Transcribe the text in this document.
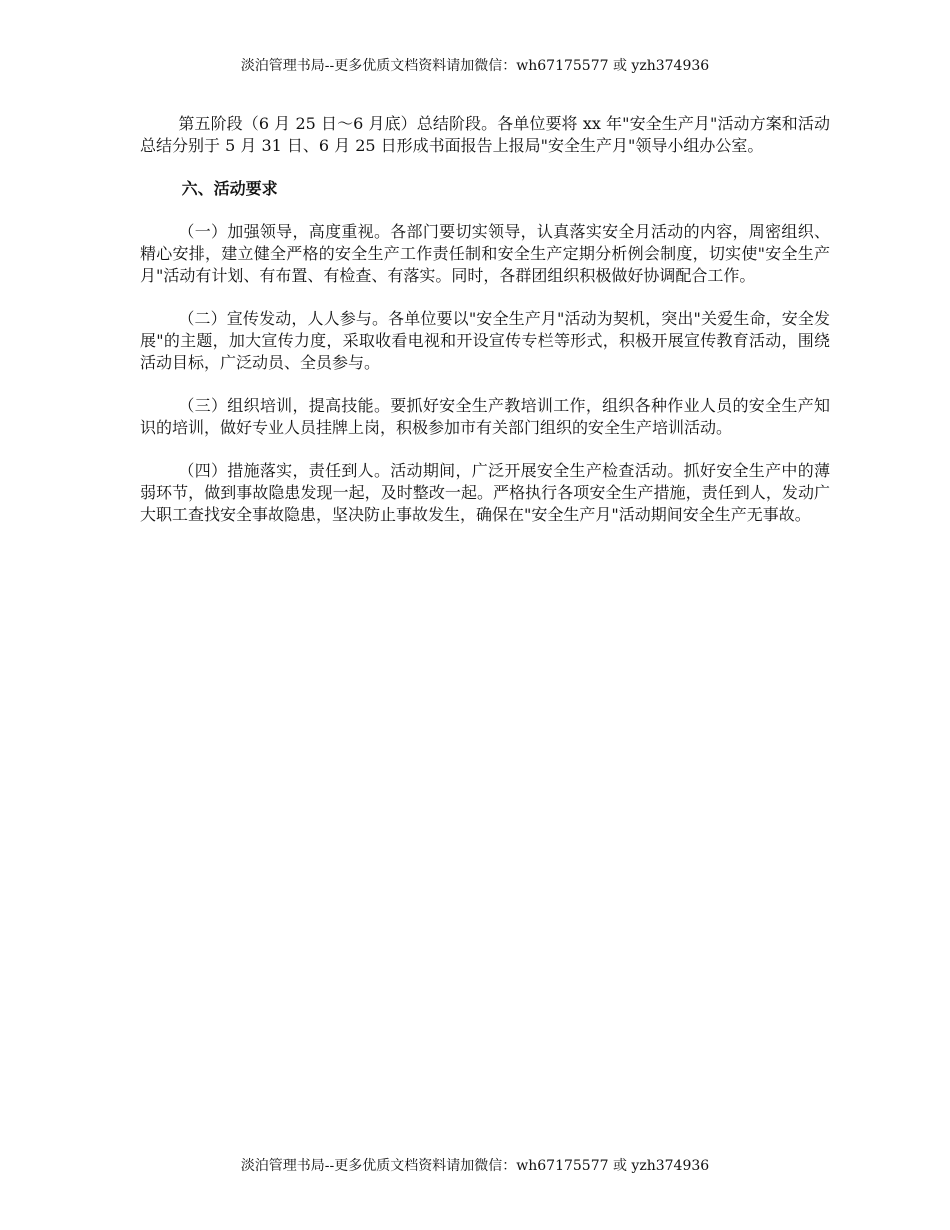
淡泊管理书局--更多优质文档资料请加微信：wh67175577 或 yzh374936

第五阶段（6 月 25 日～6 月底）总结阶段。各单位要将 xx 年"安全生产月"活动方案和活动总结分别于 5 月 31 日、6 月 25 日形成书面报告上报局"安全生产月"领导小组办公室。

六、活动要求

（一）加强领导，高度重视。各部门要切实领导，认真落实安全月活动的内容，周密组织、精心安排，建立健全严格的安全生产工作责任制和安全生产定期分析例会制度，切实使"安全生产月"活动有计划、有布置、有检查、有落实。同时，各群团组织积极做好协调配合工作。

（二）宣传发动，人人参与。各单位要以"安全生产月"活动为契机，突出"关爱生命，安全发展"的主题，加大宣传力度，采取收看电视和开设宣传专栏等形式，积极开展宣传教育活动，围绕活动目标，广泛动员、全员参与。

（三）组织培训，提高技能。要抓好安全生产教培训工作，组织各种作业人员的安全生产知识的培训，做好专业人员挂牌上岗，积极参加市有关部门组织的安全生产培训活动。

（四）措施落实，责任到人。活动期间，广泛开展安全生产检查活动。抓好安全生产中的薄弱环节，做到事故隐患发现一起，及时整改一起。严格执行各项安全生产措施，责任到人，发动广大职工查找安全事故隐患，坚决防止事故发生，确保在"安全生产月"活动期间安全生产无事故。

淡泊管理书局--更多优质文档资料请加微信：wh67175577 或 yzh374936
